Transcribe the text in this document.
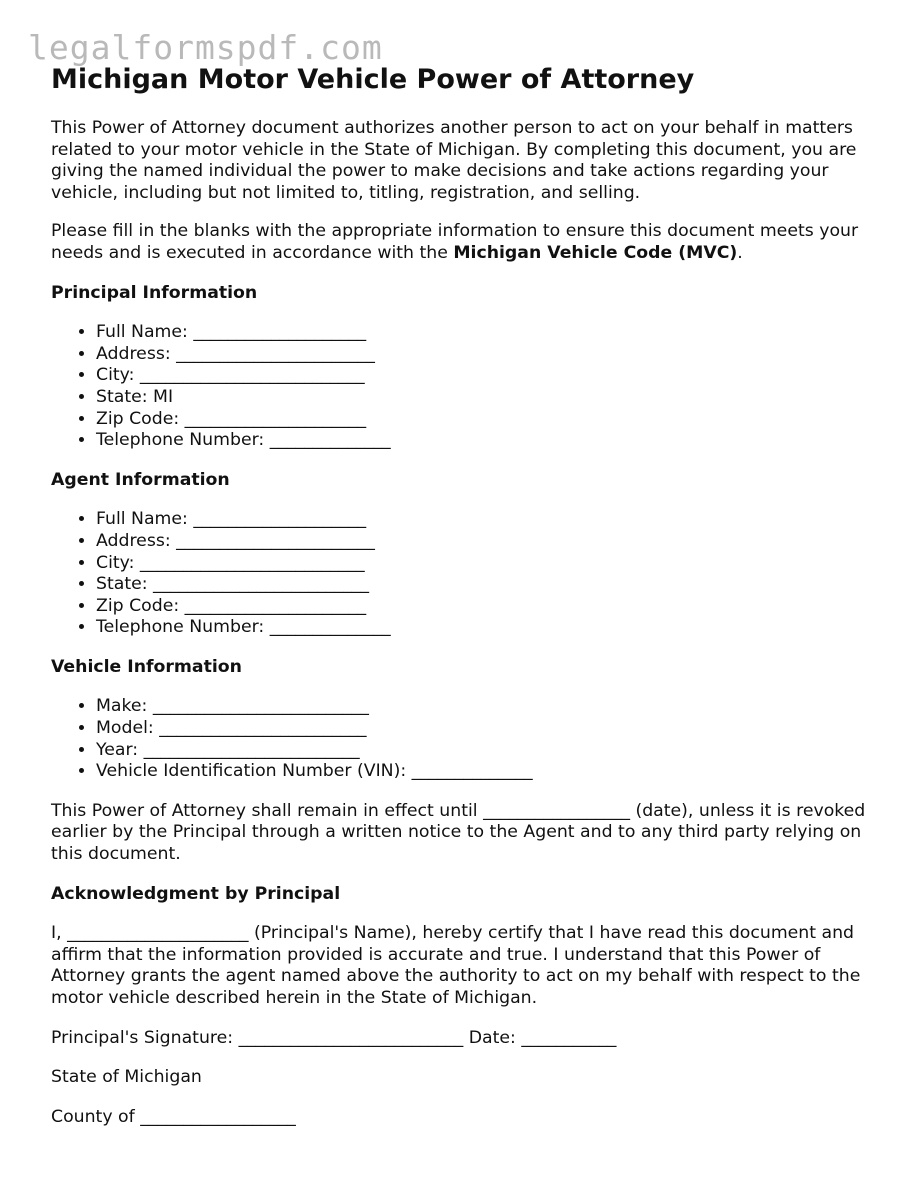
legalformspdf.com
Michigan Motor Vehicle Power of Attorney

This Power of Attorney document authorizes another person to act on your behalf in matters related to your motor vehicle in the State of Michigan. By completing this document, you are giving the named individual the power to make decisions and take actions regarding your vehicle, including but not limited to, titling, registration, and selling.

Please fill in the blanks with the appropriate information to ensure this document meets your needs and is executed in accordance with the Michigan Vehicle Code (MVC).

Principal Information
• Full Name: ____________________
• Address: _______________________
• City: __________________________
• State: MI
• Zip Code: _____________________
• Telephone Number: ______________
Agent Information
• Full Name: ____________________
• Address: _______________________
• City: __________________________
• State: _________________________
• Zip Code: _____________________
• Telephone Number: ______________
Vehicle Information
• Make: _________________________
• Model: ________________________
• Year: _________________________
• Vehicle Identification Number (VIN): ______________

This Power of Attorney shall remain in effect until _________________ (date), unless it is revoked earlier by the Principal through a written notice to the Agent and to any third party relying on this document.

Acknowledgment by Principal

I, _____________________ (Principal's Name), hereby certify that I have read this document and affirm that the information provided is accurate and true. I understand that this Power of Attorney grants the agent named above the authority to act on my behalf with respect to the motor vehicle described herein in the State of Michigan.

Principal's Signature: __________________________ Date: ___________

State of Michigan

County of __________________
